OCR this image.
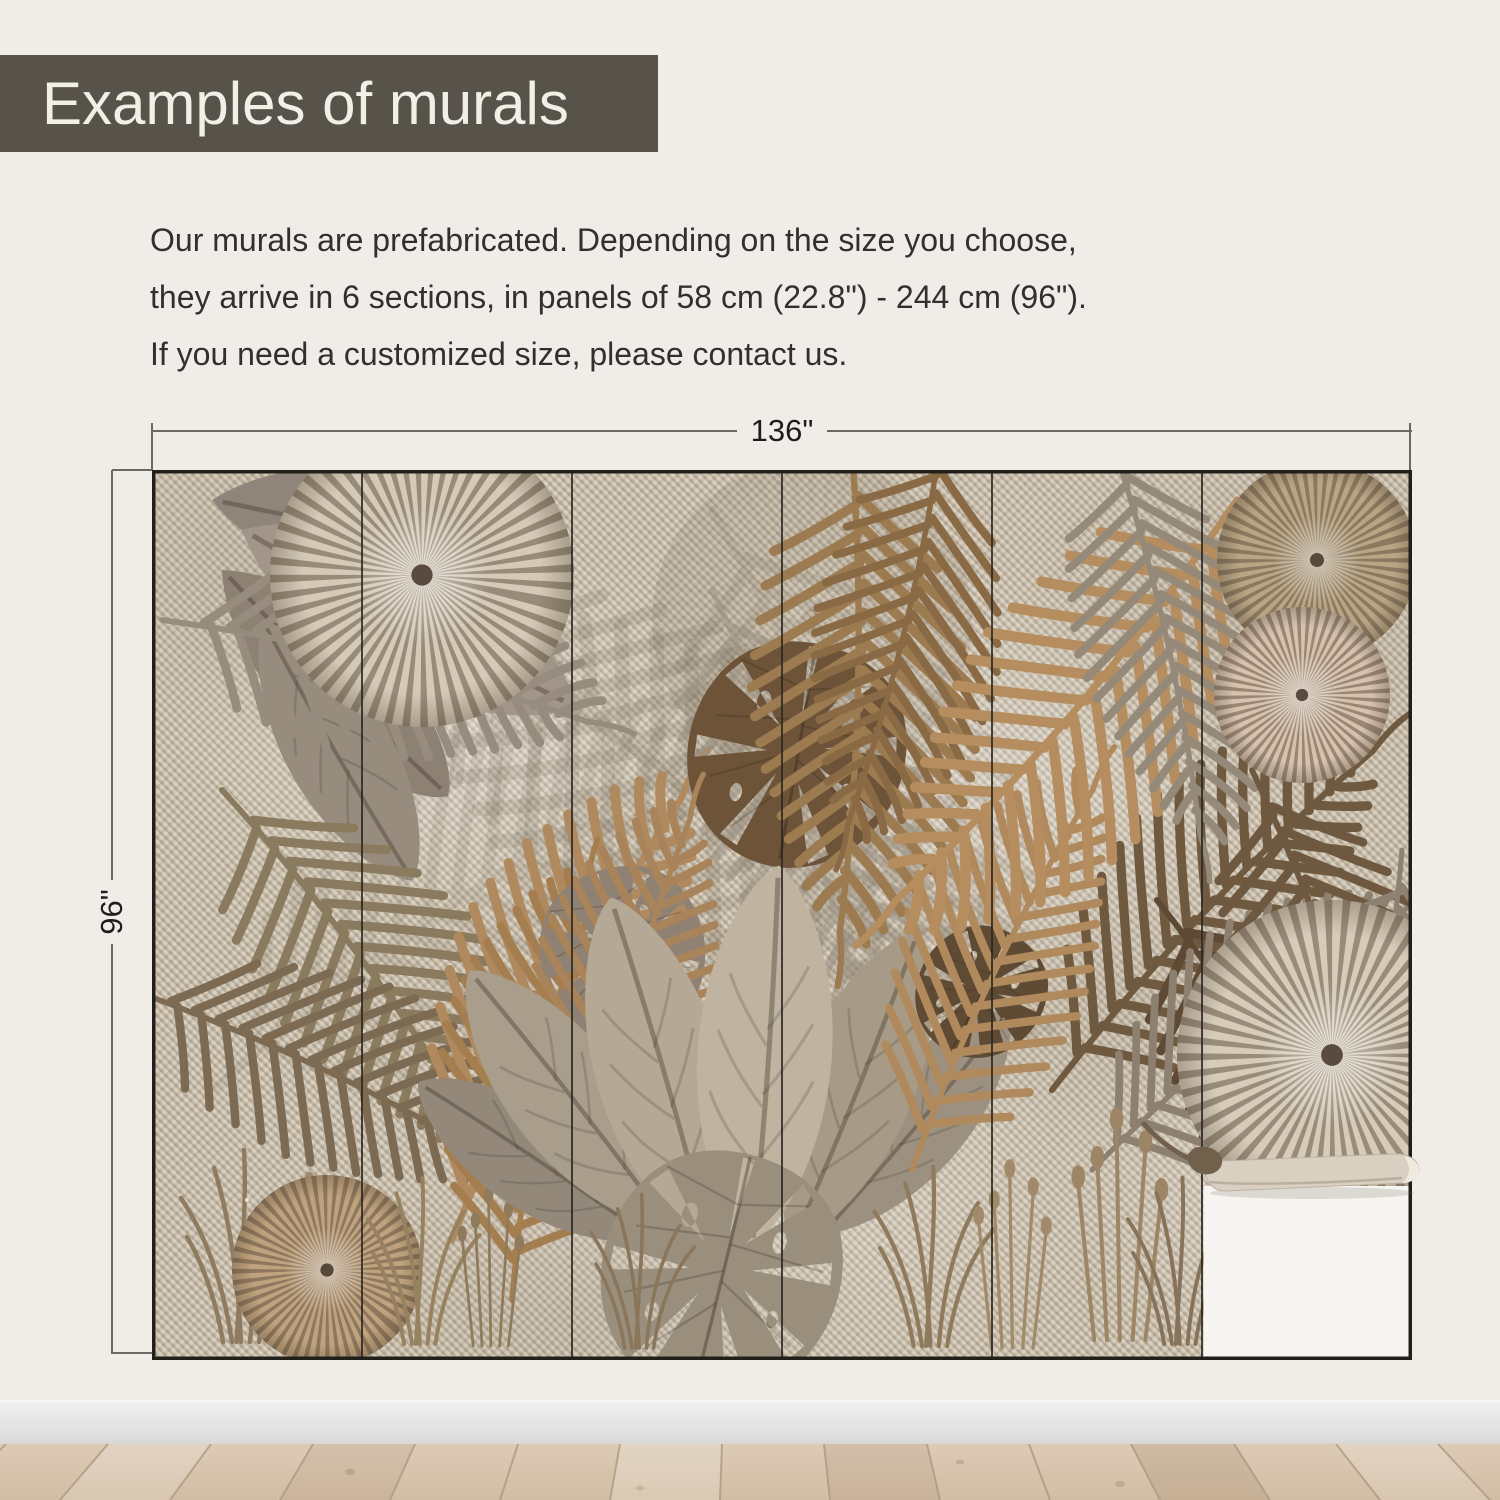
Examples of murals
Our murals are prefabricated. Depending on the size you choose,
they arrive in 6 sections, in panels of 58 cm (22.8") - 244 cm (96").
If you need a customized size, please contact us.
136"
96"
